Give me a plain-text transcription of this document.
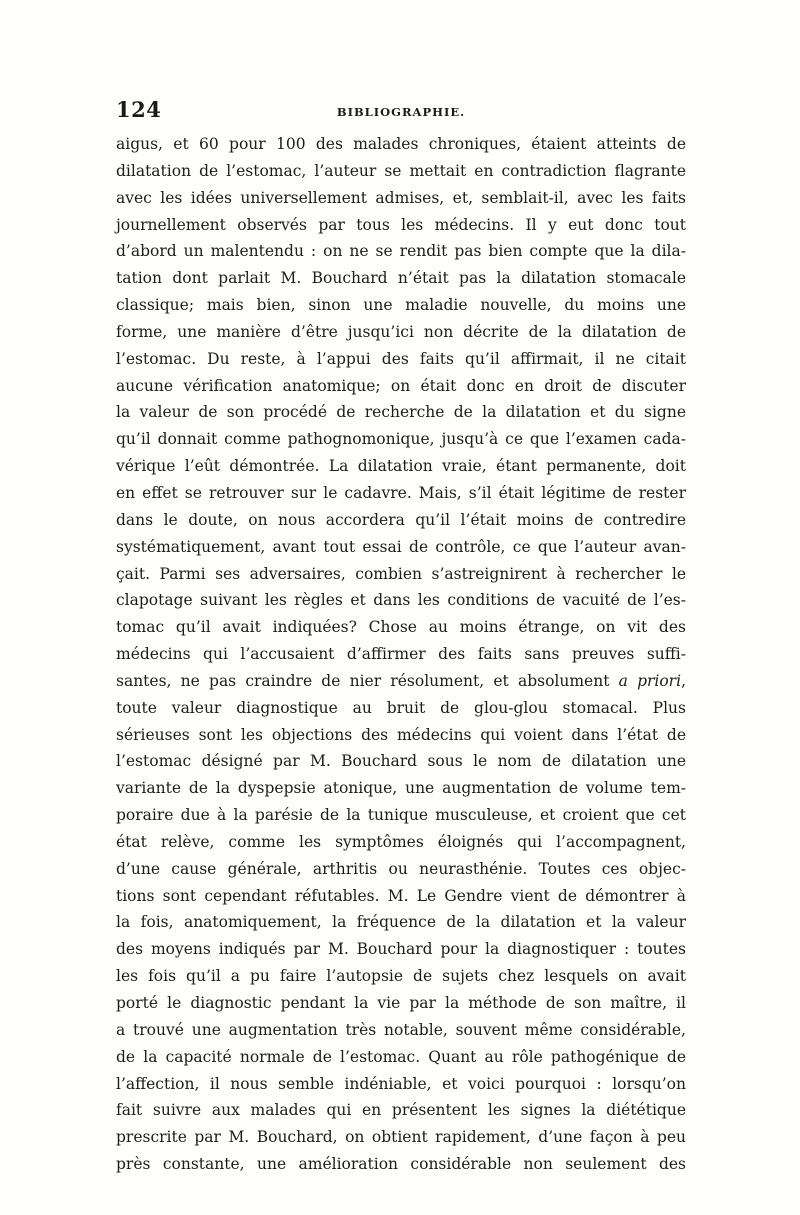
124	BIBLIOGRAPHIE.
aigus, et 60 pour 100 des malades chroniques, étaient atteints de
dilatation de l’estomac, l’auteur se mettait en contradiction flagrante
avec les idées universellement admises, et, semblait-il, avec les faits
journellement observés par tous les médecins. Il y eut donc tout
d’abord un malentendu : on ne se rendit pas bien compte que la dila-
tation dont parlait M. Bouchard n’était pas la dilatation stomacale
classique; mais bien, sinon une maladie nouvelle, du moins une
forme, une manière d’être jusqu’ici non décrite de la dilatation de
l’estomac. Du reste, à l’appui des faits qu’il affirmait, il ne citait
aucune vérification anatomique; on était donc en droit de discuter
la valeur de son procédé de recherche de la dilatation et du signe
qu’il donnait comme pathognomonique, jusqu’à ce que l’examen cada-
vérique l’eût démontrée. La dilatation vraie, étant permanente, doit
en effet se retrouver sur le cadavre. Mais, s’il était légitime de rester
dans le doute, on nous accordera qu’il l’était moins de contredire
systématiquement, avant tout essai de contrôle, ce que l’auteur avan-
çait. Parmi ses adversaires, combien s’astreignirent à rechercher le
clapotage suivant les règles et dans les conditions de vacuité de l’es-
tomac qu’il avait indiquées? Chose au moins étrange, on vit des
médecins qui l’accusaient d’affirmer des faits sans preuves suffi-
santes, ne pas craindre de nier résolument, et absolument a priori,
toute valeur diagnostique au bruit de glou-glou stomacal. Plus
sérieuses sont les objections des médecins qui voient dans l’état de
l’estomac désigné par M. Bouchard sous le nom de dilatation une
variante de la dyspepsie atonique, une augmentation de volume tem-
poraire due à la parésie de la tunique musculeuse, et croient que cet
état relève, comme les symptômes éloignés qui l’accompagnent,
d’une cause générale, arthritis ou neurasthénie. Toutes ces objec-
tions sont cependant réfutables. M. Le Gendre vient de démontrer à
la fois, anatomiquement, la fréquence de la dilatation et la valeur
des moyens indiqués par M. Bouchard pour la diagnostiquer : toutes
les fois qu’il a pu faire l’autopsie de sujets chez lesquels on avait
porté le diagnostic pendant la vie par la méthode de son maître, il
a trouvé une augmentation très notable, souvent même considérable,
de la capacité normale de l’estomac. Quant au rôle pathogénique de
l’affection, il nous semble indéniable, et voici pourquoi : lorsqu’on
fait suivre aux malades qui en présentent les signes la diététique
prescrite par M. Bouchard, on obtient rapidement, d’une façon à peu
près constante, une amélioration considérable non seulement des
